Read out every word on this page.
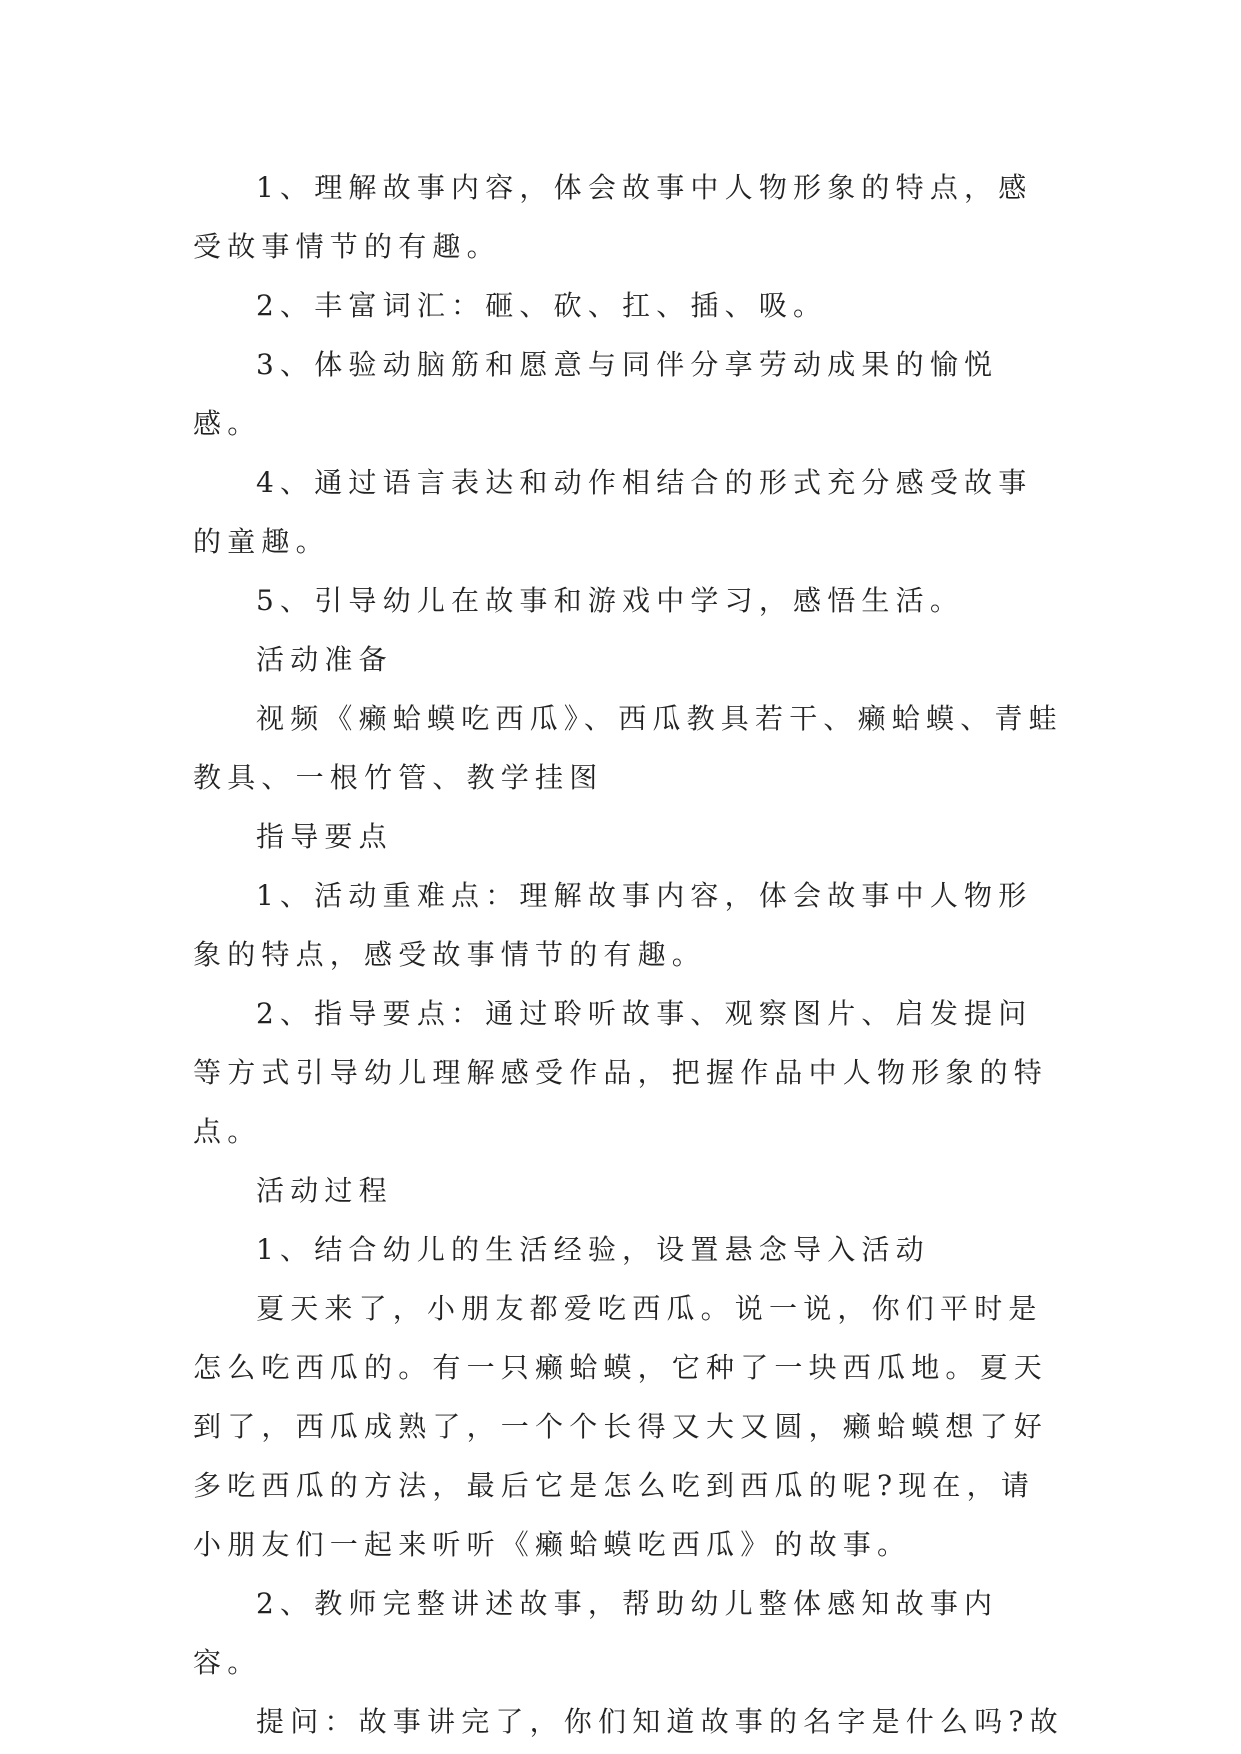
1、理解故事内容，体会故事中人物形象的特点，感受故事情节的有趣。

2、丰富词汇：砸、砍、扛、插、吸。

3、体验动脑筋和愿意与同伴分享劳动成果的愉悦感。

4、通过语言表达和动作相结合的形式充分感受故事的童趣。

5、引导幼儿在故事和游戏中学习，感悟生活。

活动准备

视频《癞蛤蟆吃西瓜》、西瓜教具若干、癞蛤蟆、青蛙教具、一根竹管、教学挂图

指导要点

1、活动重难点：理解故事内容，体会故事中人物形象的特点，感受故事情节的有趣。

2、指导要点：通过聆听故事、观察图片、启发提问等方式引导幼儿理解感受作品，把握作品中人物形象的特点。

活动过程

1、结合幼儿的生活经验，设置悬念导入活动

夏天来了，小朋友都爱吃西瓜。说一说，你们平时是怎么吃西瓜的。有一只癞蛤蟆，它种了一块西瓜地。夏天到了，西瓜成熟了，一个个长得又大又圆，癞蛤蟆想了好多吃西瓜的方法，最后它是怎么吃到西瓜的呢?现在，请小朋友们一起来听听《癞蛤蟆吃西瓜》的故事。

2、教师完整讲述故事，帮助幼儿整体感知故事内容。

提问：故事讲完了，你们知道故事的名字是什么吗?故
